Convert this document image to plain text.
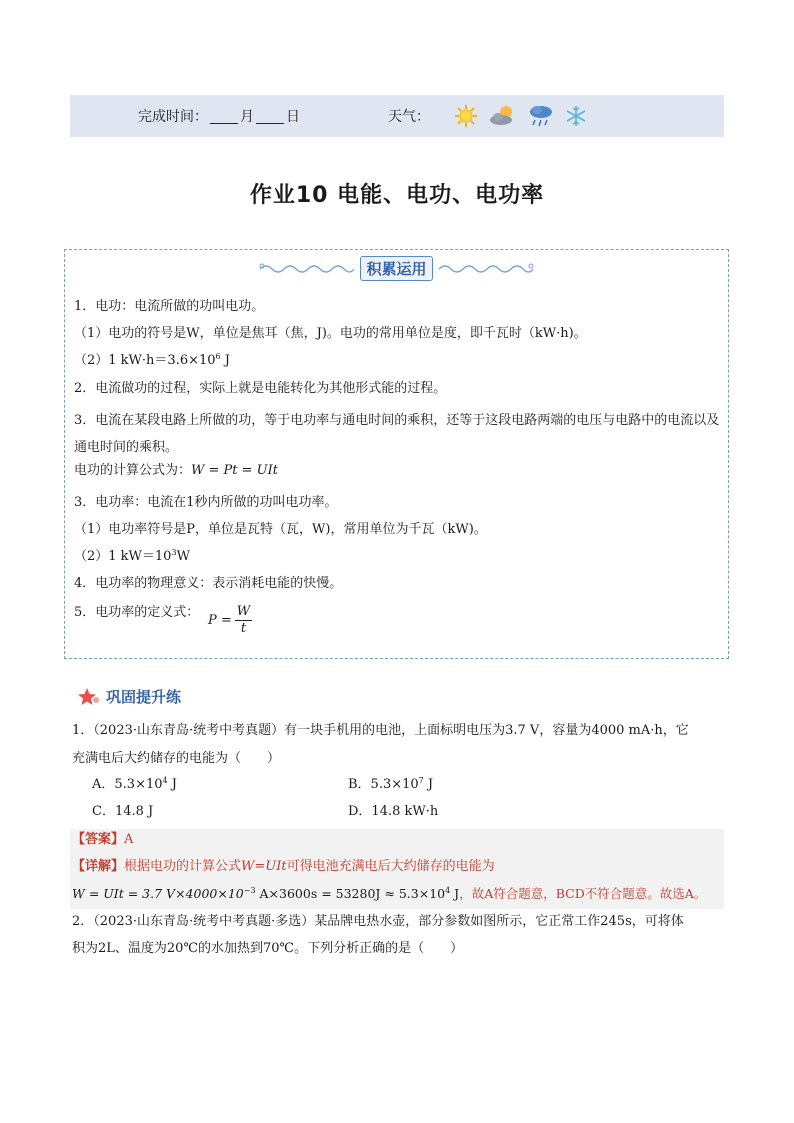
完成时间： 月 日	天气：
作业10 电能、电功、电功率
积累运用
1．电功：电流所做的功叫电功。
（1）电功的符号是W，单位是焦耳（焦，J)。电功的常用单位是度，即千瓦时（kW·h)。
（2）1 $kW\cdot h=3.6\times 10^6$ J
2．电流做功的过程，实际上就是电能转化为其他形式能的过程。
3．电流在某段电路上所做的功，等于电功率与通电时间的乘积，还等于这段电路两端的电压与电路中的电流以及通电时间的乘积。
电功的计算公式为：W = Pt = UIt
3．电功率：电流在1秒内所做的功叫电功率。
（1）电功率符号是P，单位是瓦特（瓦，W)，常用单位为千瓦（kW)。
（2）1 $kW=10^3W$
4．电功率的物理意义：表示消耗电能的快慢。
5．电功率的定义式： $P = \frac{W}{t}$
巩固提升练
1．（2023·山东青岛·统考中考真题）有一块手机用的电池，上面标明电压为3.7 V，容量为4000 mA·h，它
充满电后大约储存的电能为（　　）
A．$5.3\times 10^4$ J	B．$5.3\times 10^7$ J
C．14.8 J	D．14.8 kW·h
【答案】A
【详解】根据电功的计算公式W=UIt可得电池充满电后大约储存的电能为
W = UIt = 3.7 $V\times 4000\times 10^{-3}$ $A\times 3600s = 53280J \approx 5.3\times 10^4$ J，故A符合题意，BCD不符合题意。故选A。
2．（2023·山东青岛·统考中考真题·多选）某品牌电热水壶，部分参数如图所示，它正常工作245s，可将体
积为2L、温度为20℃的水加热到70℃。下列分析正确的是（　　）
